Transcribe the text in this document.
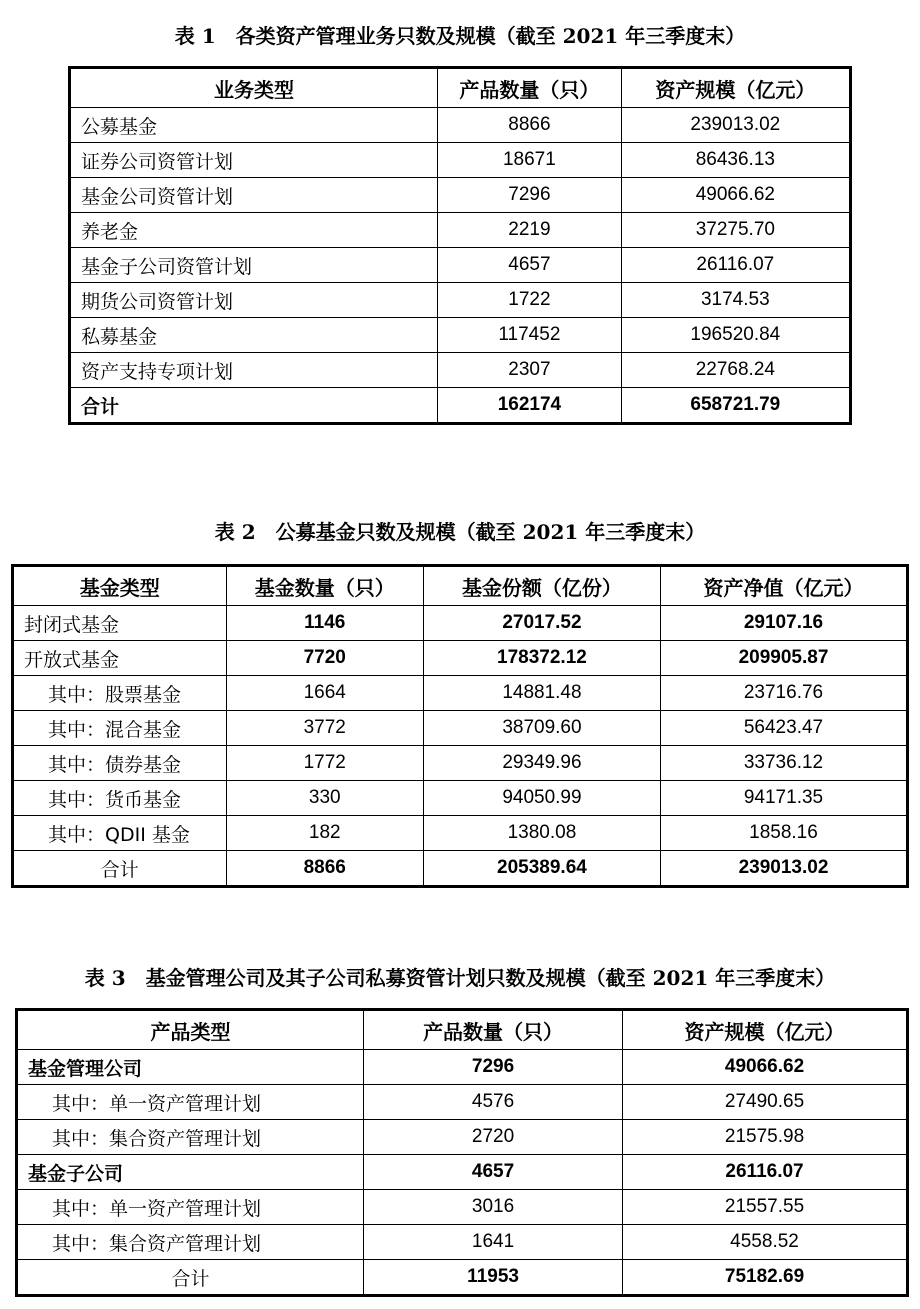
表 1　各类资产管理业务只数及规模（截至 2021 年三季度末）
业务类型	产品数量（只）	资产规模（亿元）
公募基金	8866	239013.02
证券公司资管计划	18671	86436.13
基金公司资管计划	7296	49066.62
养老金	2219	37275.70
基金子公司资管计划	4657	26116.07
期货公司资管计划	1722	3174.53
私募基金	117452	196520.84
资产支持专项计划	2307	22768.24
合计	162174	658721.79
表 2　公募基金只数及规模（截至 2021 年三季度末）
基金类型	基金数量（只）	基金份额（亿份）	资产净值（亿元）
封闭式基金	1146	27017.52	29107.16
开放式基金	7720	178372.12	209905.87
其中：股票基金	1664	14881.48	23716.76
其中：混合基金	3772	38709.60	56423.47
其中：债券基金	1772	29349.96	33736.12
其中：货币基金	330	94050.99	94171.35
其中：QDII 基金	182	1380.08	1858.16
合计	8866	205389.64	239013.02
表 3　基金管理公司及其子公司私募资管计划只数及规模（截至 2021 年三季度末）
产品类型	产品数量（只）	资产规模（亿元）
基金管理公司	7296	49066.62
其中：单一资产管理计划	4576	27490.65
其中：集合资产管理计划	2720	21575.98
基金子公司	4657	26116.07
其中：单一资产管理计划	3016	21557.55
其中：集合资产管理计划	1641	4558.52
合计	11953	75182.69
